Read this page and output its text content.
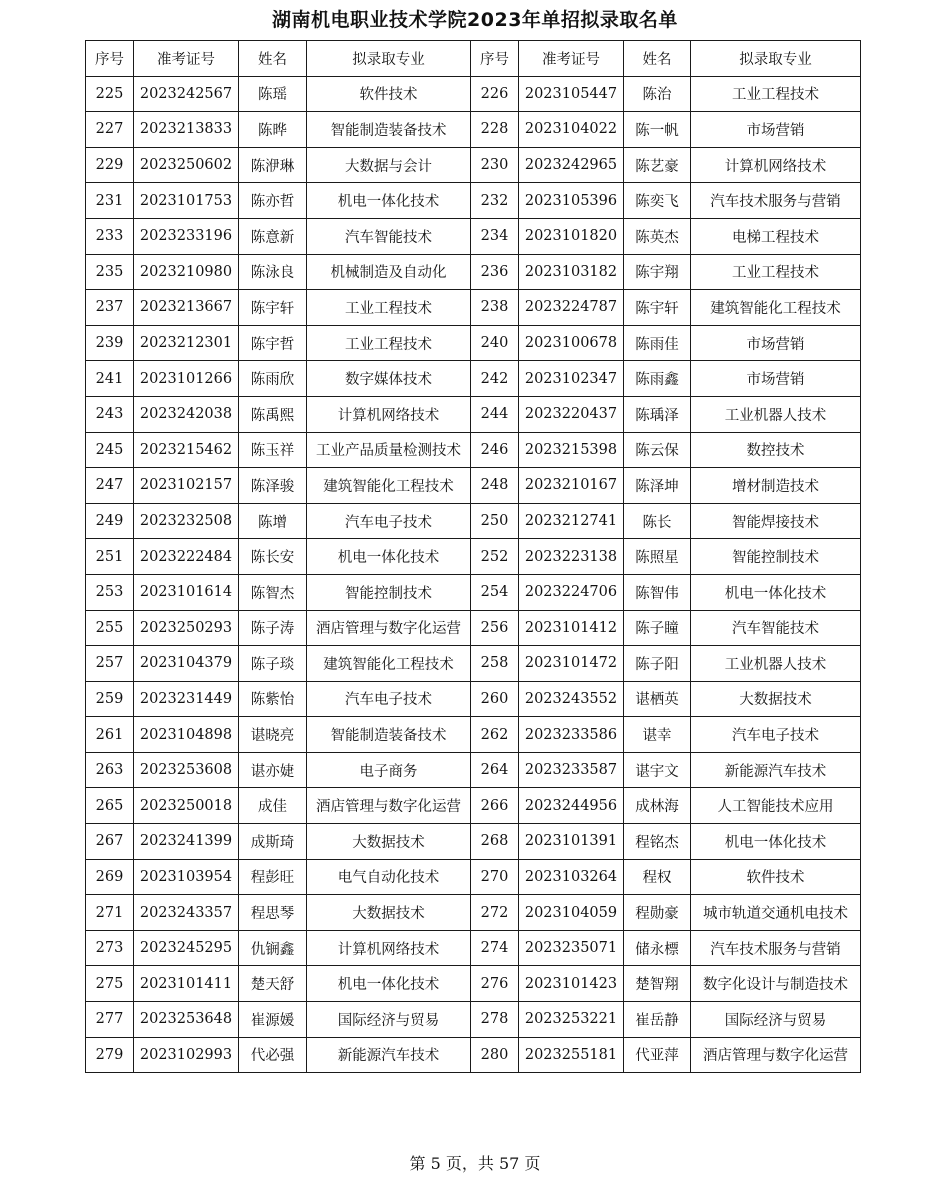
湖南机电职业技术学院2023年单招拟录取名单
序号	准考证号	姓名	拟录取专业	序号	准考证号	姓名	拟录取专业
225	2023242567	陈瑶	软件技术	226	2023105447	陈治	工业工程技术
227	2023213833	陈晔	智能制造装备技术	228	2023104022	陈一帆	市场营销
229	2023250602	陈洢琳	大数据与会计	230	2023242965	陈艺豪	计算机网络技术
231	2023101753	陈亦哲	机电一体化技术	232	2023105396	陈奕飞	汽车技术服务与营销
233	2023233196	陈意新	汽车智能技术	234	2023101820	陈英杰	电梯工程技术
235	2023210980	陈泳良	机械制造及自动化	236	2023103182	陈宇翔	工业工程技术
237	2023213667	陈宇轩	工业工程技术	238	2023224787	陈宇轩	建筑智能化工程技术
239	2023212301	陈宇哲	工业工程技术	240	2023100678	陈雨佳	市场营销
241	2023101266	陈雨欣	数字媒体技术	242	2023102347	陈雨鑫	市场营销
243	2023242038	陈禹熙	计算机网络技术	244	2023220437	陈瑀泽	工业机器人技术
245	2023215462	陈玉祥	工业产品质量检测技术	246	2023215398	陈云保	数控技术
247	2023102157	陈泽骏	建筑智能化工程技术	248	2023210167	陈泽坤	增材制造技术
249	2023232508	陈增	汽车电子技术	250	2023212741	陈长	智能焊接技术
251	2023222484	陈长安	机电一体化技术	252	2023223138	陈照星	智能控制技术
253	2023101614	陈智杰	智能控制技术	254	2023224706	陈智伟	机电一体化技术
255	2023250293	陈子涛	酒店管理与数字化运营	256	2023101412	陈子瞳	汽车智能技术
257	2023104379	陈子琰	建筑智能化工程技术	258	2023101472	陈子阳	工业机器人技术
259	2023231449	陈紫怡	汽车电子技术	260	2023243552	谌栖英	大数据技术
261	2023104898	谌晓亮	智能制造装备技术	262	2023233586	谌幸	汽车电子技术
263	2023253608	谌亦婕	电子商务	264	2023233587	谌宇文	新能源汽车技术
265	2023250018	成佳	酒店管理与数字化运营	266	2023244956	成林海	人工智能技术应用
267	2023241399	成斯琦	大数据技术	268	2023101391	程铭杰	机电一体化技术
269	2023103954	程彭旺	电气自动化技术	270	2023103264	程权	软件技术
271	2023243357	程思琴	大数据技术	272	2023104059	程勋豪	城市轨道交通机电技术
273	2023245295	仇锎鑫	计算机网络技术	274	2023235071	储永標	汽车技术服务与营销
275	2023101411	楚天舒	机电一体化技术	276	2023101423	楚智翔	数字化设计与制造技术
277	2023253648	崔源媛	国际经济与贸易	278	2023253221	崔岳静	国际经济与贸易
279	2023102993	代必强	新能源汽车技术	280	2023255181	代亚萍	酒店管理与数字化运营
第 5 页，共 57 页
